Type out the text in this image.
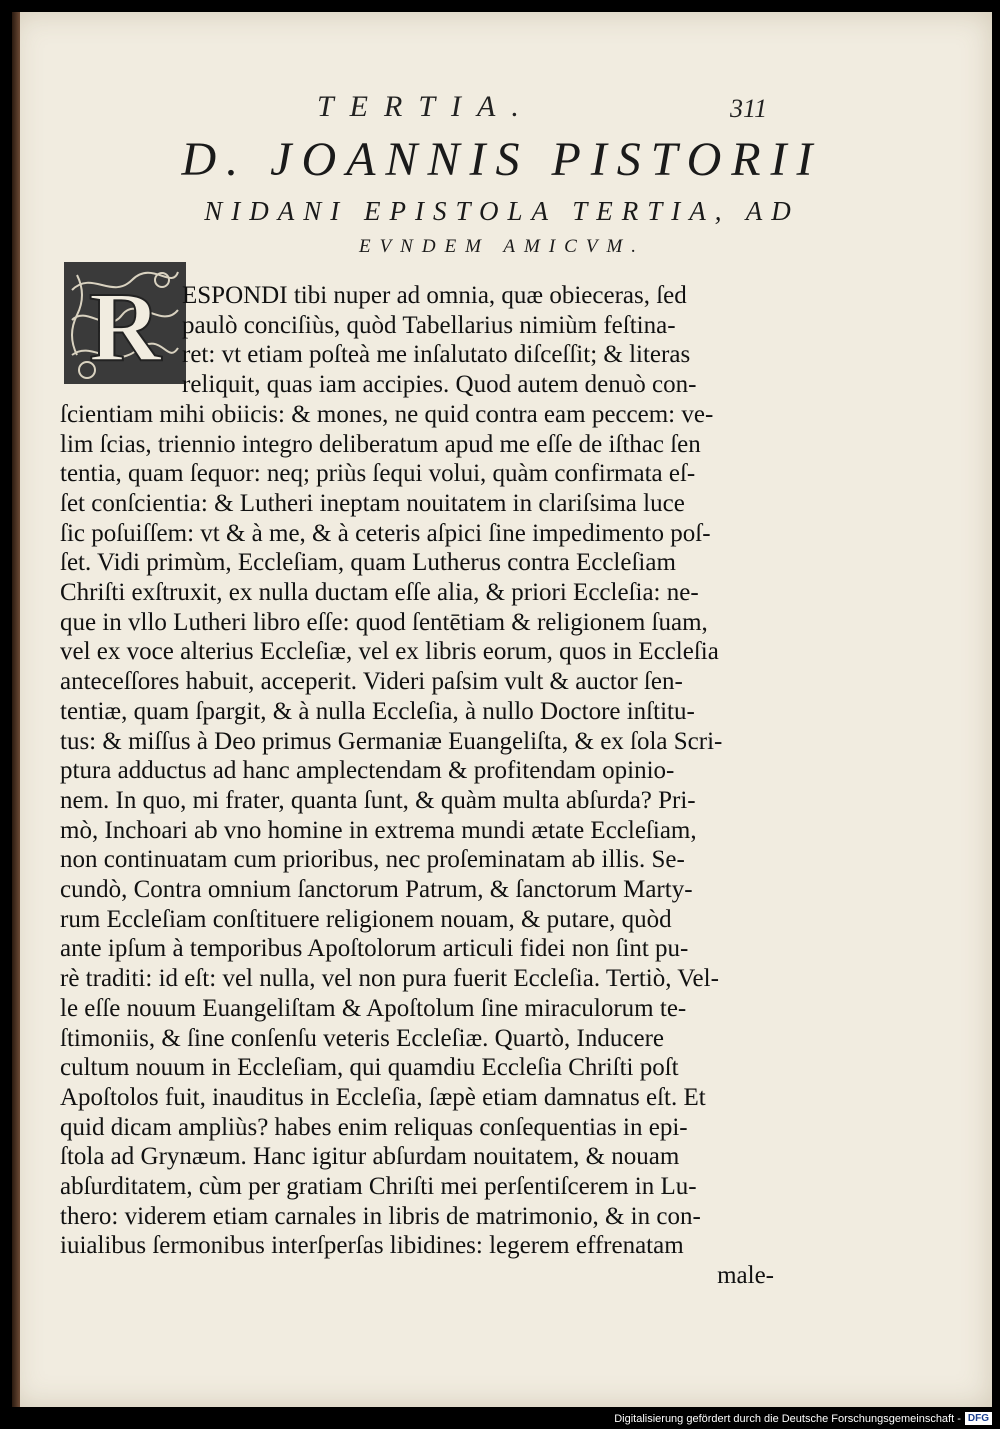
TERTIA.	311
D. JOANNIS PISTORII
NIDANI EPISTOLA TERTIA, AD
EVNDEM AMICVM.
R ESPONDI tibi nuper ad omnia, quæ obieceras, ſed
paulò conciſiùs, quòd Tabellarius nimiùm feſtina-
ret: vt etiam poſteà me inſalutato diſceſſit; & literas
reliquit, quas iam accipies. Quod autem denuò con-
ſcientiam mihi obiicis: & mones, ne quid contra eam peccem: ve-
lim ſcias, triennio integro deliberatum apud me eſſe de iſthac ſen
tentia, quam ſequor: neq; priùs ſequi volui, quàm confirmata eſ-
ſet conſcientia: & Lutheri ineptam nouitatem in clariſsima luce
ſic poſuiſſem: vt & à me, & à ceteris aſpici ſine impedimento poſ-
ſet. Vidi primùm, Eccleſiam, quam Lutherus contra Eccleſiam
Chriſti exſtruxit, ex nulla ductam eſſe alia, & priori Eccleſia: ne-
que in vllo Lutheri libro eſſe: quod ſentētiam & religionem ſuam,
vel ex voce alterius Eccleſiæ, vel ex libris eorum, quos in Eccleſia
anteceſſores habuit, acceperit. Videri paſsim vult & auctor ſen-
tentiæ, quam ſpargit, & à nulla Eccleſia, à nullo Doctore inſtitu-
tus: & miſſus à Deo primus Germaniæ Euangeliſta, & ex ſola Scri-
ptura adductus ad hanc amplectendam & profitendam opinio-
nem. In quo, mi frater, quanta ſunt, & quàm multa abſurda? Pri-
mò, Inchoari ab vno homine in extrema mundi ætate Eccleſiam,
non continuatam cum prioribus, nec proſeminatam ab illis. Se-
cundò, Contra omnium ſanctorum Patrum, & ſanctorum Marty-
rum Eccleſiam conſtituere religionem nouam, & putare, quòd
ante ipſum à temporibus Apoſtolorum articuli fidei non ſint pu-
rè traditi: id eſt: vel nulla, vel non pura fuerit Eccleſia. Tertiò, Vel-
le eſſe nouum Euangeliſtam & Apoſtolum ſine miraculorum te-
ſtimoniis, & ſine conſenſu veteris Eccleſiæ. Quartò, Inducere
cultum nouum in Eccleſiam, qui quamdiu Eccleſia Chriſti poſt
Apoſtolos fuit, inauditus in Eccleſia, ſæpè etiam damnatus eſt. Et
quid dicam ampliùs? habes enim reliquas conſequentias in epi-
ſtola ad Grynæum. Hanc igitur abſurdam nouitatem, & nouam
abſurditatem, cùm per gratiam Chriſti mei perſentiſcerem in Lu-
thero: viderem etiam carnales in libris de matrimonio, & in con-
iuialibus ſermonibus interſperſas libidines: legerem effrenatam
male-
Digitalisierung gefördert durch die Deutsche Forschungsgemeinschaft - DFG
